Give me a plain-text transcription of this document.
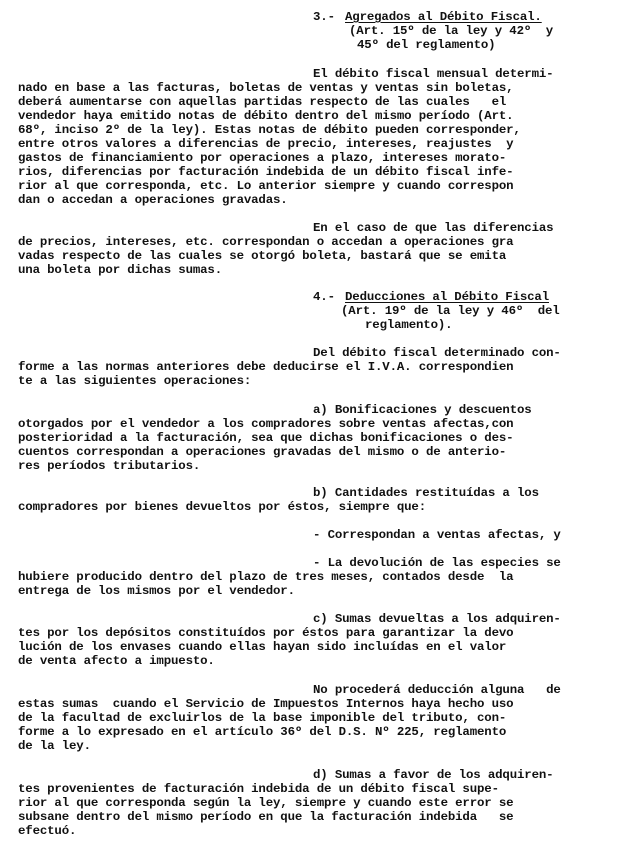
3.- Agregados al Débito Fiscal.
(Art. 15º de la ley y 42º  y
45º del reglamento)
El débito fiscal mensual determi-
nado en base a las facturas, boletas de ventas y ventas sin boletas,
deberá aumentarse con aquellas partidas respecto de las cuales   el
vendedor haya emitido notas de débito dentro del mismo período (Art.
68º, inciso 2º de la ley). Estas notas de débito pueden corresponder,
entre otros valores a diferencias de precio, intereses, reajustes  y
gastos de financiamiento por operaciones a plazo, intereses morato-
rios, diferencias por facturación indebida de un débito fiscal infe-
rior al que corresponda, etc. Lo anterior siempre y cuando correspon
dan o accedan a operaciones gravadas.
En el caso de que las diferencias
de precios, intereses, etc. correspondan o accedan a operaciones gra
vadas respecto de las cuales se otorgó boleta, bastará que se emita
una boleta por dichas sumas.
4.- Deducciones al Débito Fiscal
(Art. 19º de la ley y 46º  del
reglamento).
Del débito fiscal determinado con-
forme a las normas anteriores debe deducirse el I.V.A. correspondien
te a las siguientes operaciones:
a) Bonificaciones y descuentos
otorgados por el vendedor a los compradores sobre ventas afectas,con
posterioridad a la facturación, sea que dichas bonificaciones o des-
cuentos correspondan a operaciones gravadas del mismo o de anterio-
res períodos tributarios.
b) Cantidades restituídas a los
compradores por bienes devueltos por éstos, siempre que:
- Correspondan a ventas afectas, y
- La devolución de las especies se
hubiere producido dentro del plazo de tres meses, contados desde  la
entrega de los mismos por el vendedor.
c) Sumas devueltas a los adquiren-
tes por los depósitos constituídos por éstos para garantizar la devo
lución de los envases cuando ellas hayan sido incluídas en el valor
de venta afecto a impuesto.
No procederá deducción alguna   de
estas sumas  cuando el Servicio de Impuestos Internos haya hecho uso
de la facultad de excluirlos de la base imponible del tributo, con-
forme a lo expresado en el artículo 36º del D.S. Nº 225, reglamento
de la ley.
d) Sumas a favor de los adquiren-
tes provenientes de facturación indebida de un débito fiscal supe-
rior al que corresponda según la ley, siempre y cuando este error se
subsane dentro del mismo período en que la facturación indebida   se
efectuó.
